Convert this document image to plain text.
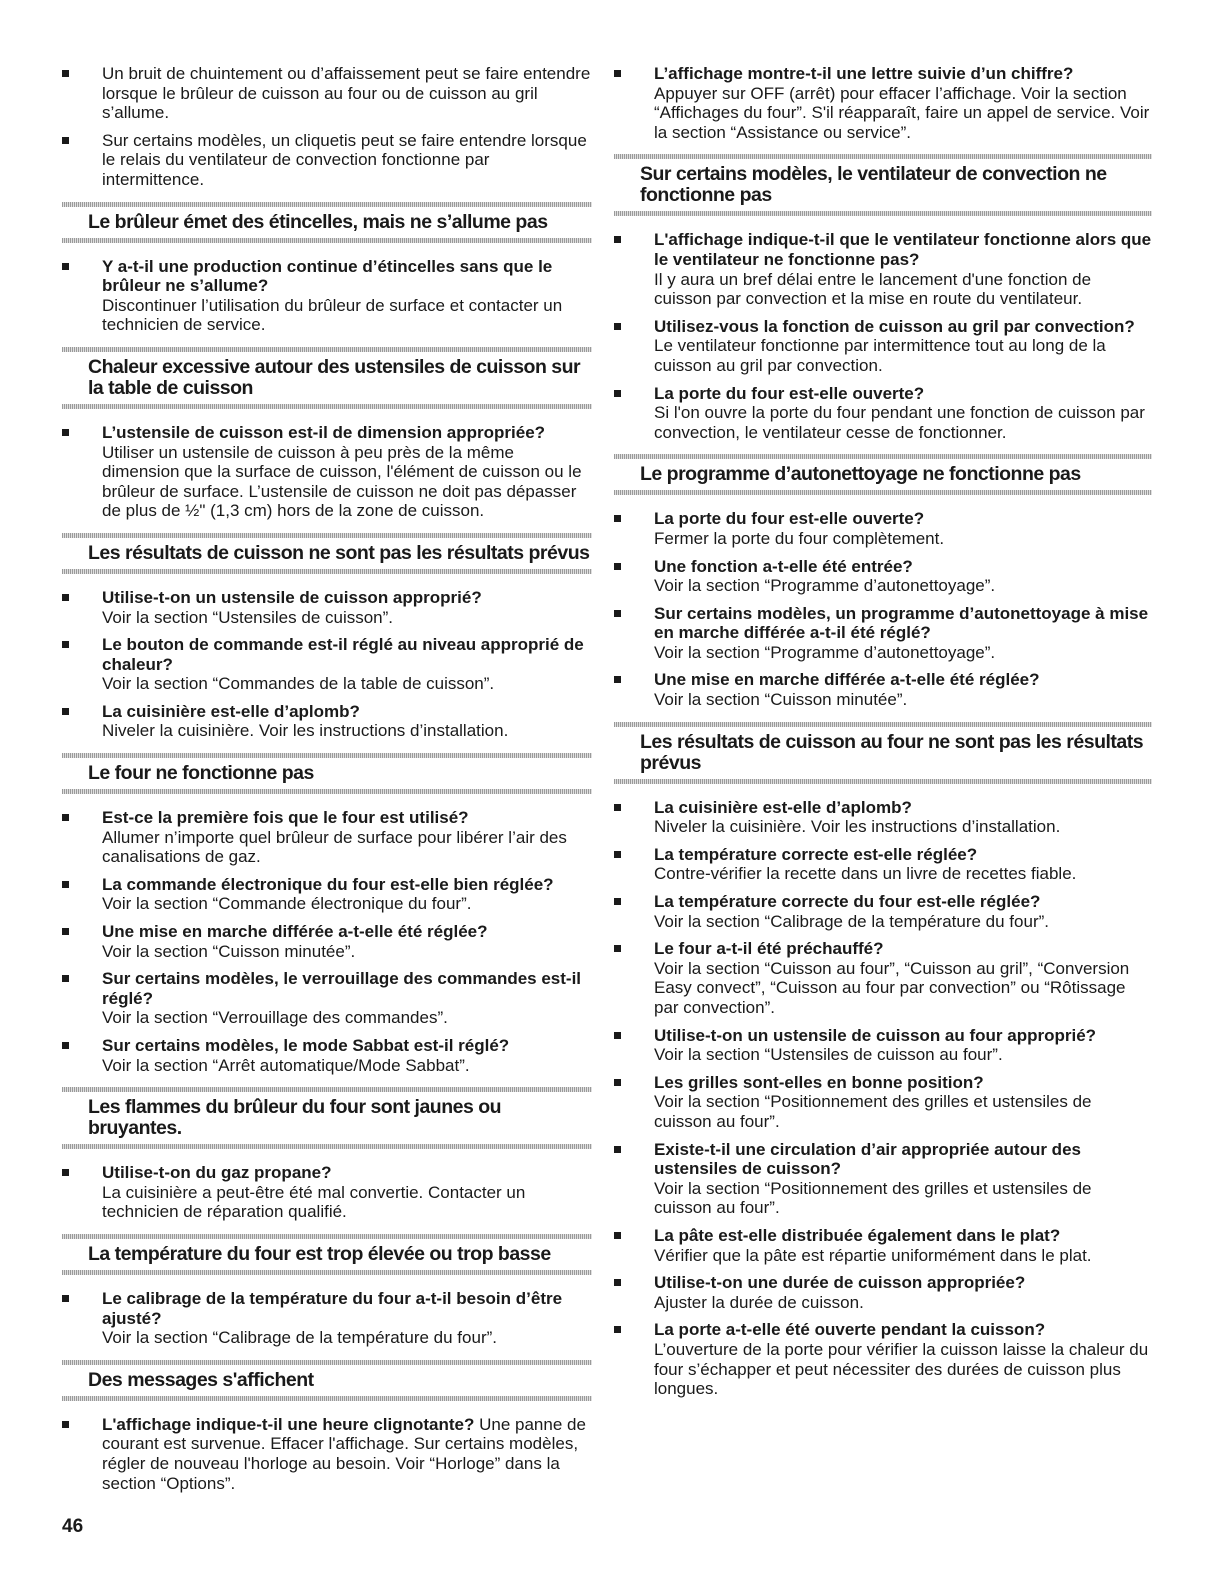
Un bruit de chuintement ou d’affaissement peut se faire entendre lorsque le brûleur de cuisson au four ou de cuisson au gril s’allume.
Sur certains modèles, un cliquetis peut se faire entendre lorsque le relais du ventilateur de convection fonctionne par intermittence.
Le brûleur émet des étincelles, mais ne s’allume pas
Y a-t-il une production continue d’étincelles sans que le brûleur ne s’allume?
Discontinuer l’utilisation du brûleur de surface et contacter un technicien de service.
Chaleur excessive autour des ustensiles de cuisson sur la table de cuisson
L’ustensile de cuisson est-il de dimension appropriée?
Utiliser un ustensile de cuisson à peu près de la même dimension que la surface de cuisson, l'élément de cuisson ou le brûleur de surface. L’ustensile de cuisson ne doit pas dépasser de plus de ½" (1,3 cm) hors de la zone de cuisson.
Les résultats de cuisson ne sont pas les résultats prévus
Utilise-t-on un ustensile de cuisson approprié?
Voir la section “Ustensiles de cuisson”.
Le bouton de commande est-il réglé au niveau approprié de chaleur?
Voir la section “Commandes de la table de cuisson”.
La cuisinière est-elle d’aplomb?
Niveler la cuisinière. Voir les instructions d’installation.
Le four ne fonctionne pas
Est-ce la première fois que le four est utilisé?
Allumer n’importe quel brûleur de surface pour libérer l’air des canalisations de gaz.
La commande électronique du four est-elle bien réglée?
Voir la section “Commande électronique du four”.
Une mise en marche différée a-t-elle été réglée?
Voir la section “Cuisson minutée”.
Sur certains modèles, le verrouillage des commandes est-il réglé?
Voir la section “Verrouillage des commandes”.
Sur certains modèles, le mode Sabbat est-il réglé?
Voir la section “Arrêt automatique/Mode Sabbat”.
Les flammes du brûleur du four sont jaunes ou bruyantes.
Utilise-t-on du gaz propane?
La cuisinière a peut-être été mal convertie. Contacter un technicien de réparation qualifié.
La température du four est trop élevée ou trop basse
Le calibrage de la température du four a-t-il besoin d’être ajusté?
Voir la section “Calibrage de la température du four”.
Des messages s'affichent
L'affichage indique-t-il une heure clignotante? Une panne de courant est survenue. Effacer l'affichage. Sur certains modèles, régler de nouveau l'horloge au besoin. Voir “Horloge” dans la section “Options”.
L’affichage montre-t-il une lettre suivie d’un chiffre?
Appuyer sur OFF (arrêt) pour effacer l’affichage. Voir la section “Affichages du four”. S'il réapparaît, faire un appel de service. Voir la section “Assistance ou service”.
Sur certains modèles, le ventilateur de convection ne fonctionne pas
L'affichage indique-t-il que le ventilateur fonctionne alors que le ventilateur ne fonctionne pas?
Il y aura un bref délai entre le lancement d'une fonction de cuisson par convection et la mise en route du ventilateur.
Utilisez-vous la fonction de cuisson au gril par convection?
Le ventilateur fonctionne par intermittence tout au long de la cuisson au gril par convection.
La porte du four est-elle ouverte?
Si l'on ouvre la porte du four pendant une fonction de cuisson par convection, le ventilateur cesse de fonctionner.
Le programme d’autonettoyage ne fonctionne pas
La porte du four est-elle ouverte?
Fermer la porte du four complètement.
Une fonction a-t-elle été entrée?
Voir la section “Programme d’autonettoyage”.
Sur certains modèles, un programme d’autonettoyage à mise en marche différée a-t-il été réglé?
Voir la section “Programme d’autonettoyage”.
Une mise en marche différée a-t-elle été réglée?
Voir la section “Cuisson minutée”.
Les résultats de cuisson au four ne sont pas les résultats prévus
La cuisinière est-elle d’aplomb?
Niveler la cuisinière. Voir les instructions d’installation.
La température correcte est-elle réglée?
Contre-vérifier la recette dans un livre de recettes fiable.
La température correcte du four est-elle réglée?
Voir la section “Calibrage de la température du four”.
Le four a-t-il été préchauffé?
Voir la section “Cuisson au four”, “Cuisson au gril”, “Conversion Easy convect”, “Cuisson au four par convection” ou “Rôtissage par convection”.
Utilise-t-on un ustensile de cuisson au four approprié?
Voir la section “Ustensiles de cuisson au four”.
Les grilles sont-elles en bonne position?
Voir la section “Positionnement des grilles et ustensiles de cuisson au four”.
Existe-t-il une circulation d’air appropriée autour des ustensiles de cuisson?
Voir la section “Positionnement des grilles et ustensiles de cuisson au four”.
La pâte est-elle distribuée également dans le plat?
Vérifier que la pâte est répartie uniformément dans le plat.
Utilise-t-on une durée de cuisson appropriée?
Ajuster la durée de cuisson.
La porte a-t-elle été ouverte pendant la cuisson?
L’ouverture de la porte pour vérifier la cuisson laisse la chaleur du four s’échapper et peut nécessiter des durées de cuisson plus longues.
46
